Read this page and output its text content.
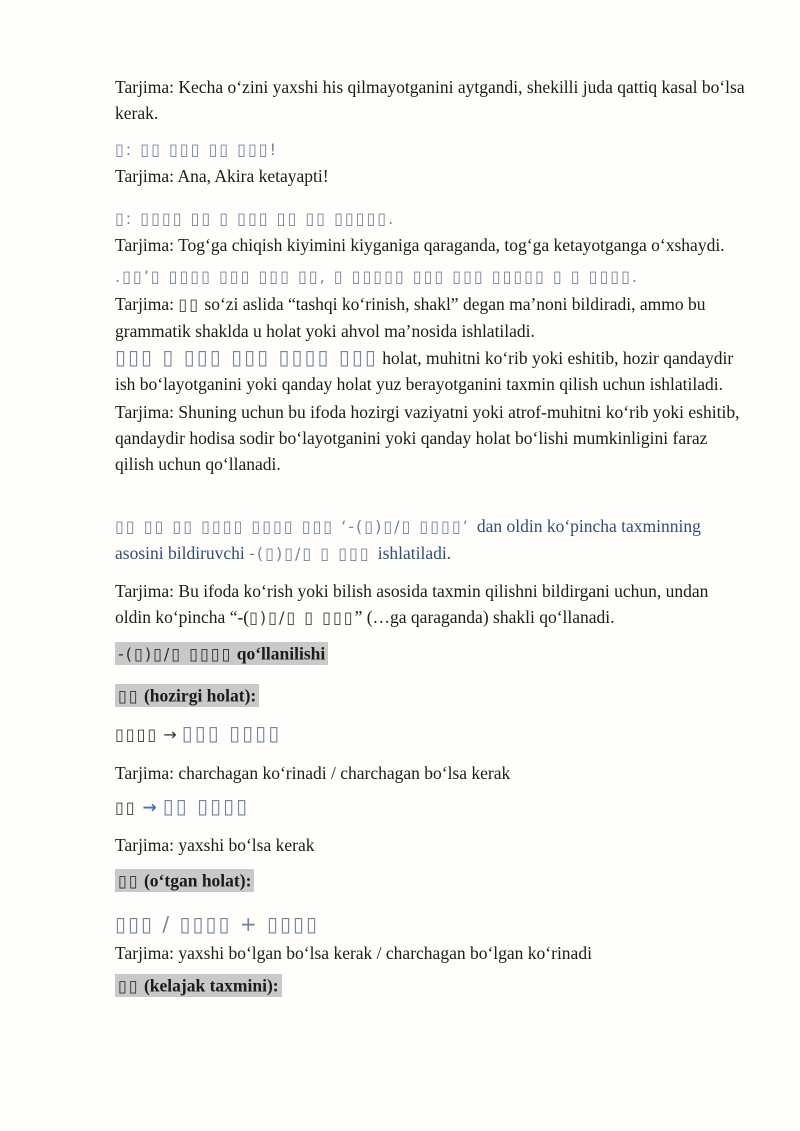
Tarjima: Kecha o‘zini yaxshi his qilmayotganini aytgandi, shekilli juda qattiq kasal bo‘lsa kerak.

▯: ▯▯ ▯▯▯ ▯▯ ▯▯▯!

Tarjima: Ana, Akira ketayapti!

▯: ▯▯▯▯ ▯▯ ▯ ▯▯▯ ▯▯ ▯▯ ▯▯▯▯▯.

Tarjima: Tog‘ga chiqish kiyimini kiyganiga qaraganda, tog‘ga ketayotganga o‘xshaydi.

.▯▯’▯ ▯▯▯▯ ▯▯▯ ▯▯▯ ▯▯, ▯ ▯▯▯▯▯ ▯▯▯ ▯▯▯ ▯▯▯▯▯ ▯ ▯ ▯▯▯▯.

Tarjima: ▯▯ so‘zi aslida “tashqi ko‘rinish, shakl” degan ma’noni bildiradi, ammo bu grammatik shaklda u holat yoki ahvol ma’nosida ishlatiladi.

▯▯▯ ▯ ▯▯▯ ▯▯▯ ▯▯▯▯ ▯▯▯ holat, muhitni ko‘rib yoki eshitib, hozir qandaydir ish bo‘layotganini yoki qanday holat yuz berayotganini taxmin qilish uchun ishlatiladi.

Tarjima: Shuning uchun bu ifoda hozirgi vaziyatni yoki atrof-muhitni ko‘rib yoki eshitib, qandaydir hodisa sodir bo‘layotganini yoki qanday holat bo‘lishi mumkinligini faraz qilish uchun qo‘llanadi.

▯▯ ▯▯ ▯▯ ▯▯▯▯ ▯▯▯▯ ▯▯▯ ‘-(▯)▯/▯ ▯▯▯▯’ dan oldin ko‘pincha taxminning asosini bildiruvchi -(▯)▯/▯ ▯ ▯▯▯ ishlatiladi.

Tarjima: Bu ifoda ko‘rish yoki bilish asosida taxmin qilishni bildirgani uchun, undan oldin ko‘pincha “-(▯)▯/▯ ▯ ▯▯▯” (…ga qaraganda) shakli qo‘llanadi.

-(▯)▯/▯ ▯▯▯▯ qo‘llanilishi

▯▯ (hozirgi holat):

▯▯▯▯ → ▯▯▯ ▯▯▯▯

Tarjima: charchagan ko‘rinadi / charchagan bo‘lsa kerak

▯▯ → ▯▯ ▯▯▯▯

Tarjima: yaxshi bo‘lsa kerak

▯▯ (o‘tgan holat):

▯▯▯ / ▯▯▯▯ + ▯▯▯▯

Tarjima: yaxshi bo‘lgan bo‘lsa kerak / charchagan bo‘lgan ko‘rinadi

▯▯ (kelajak taxmini):
